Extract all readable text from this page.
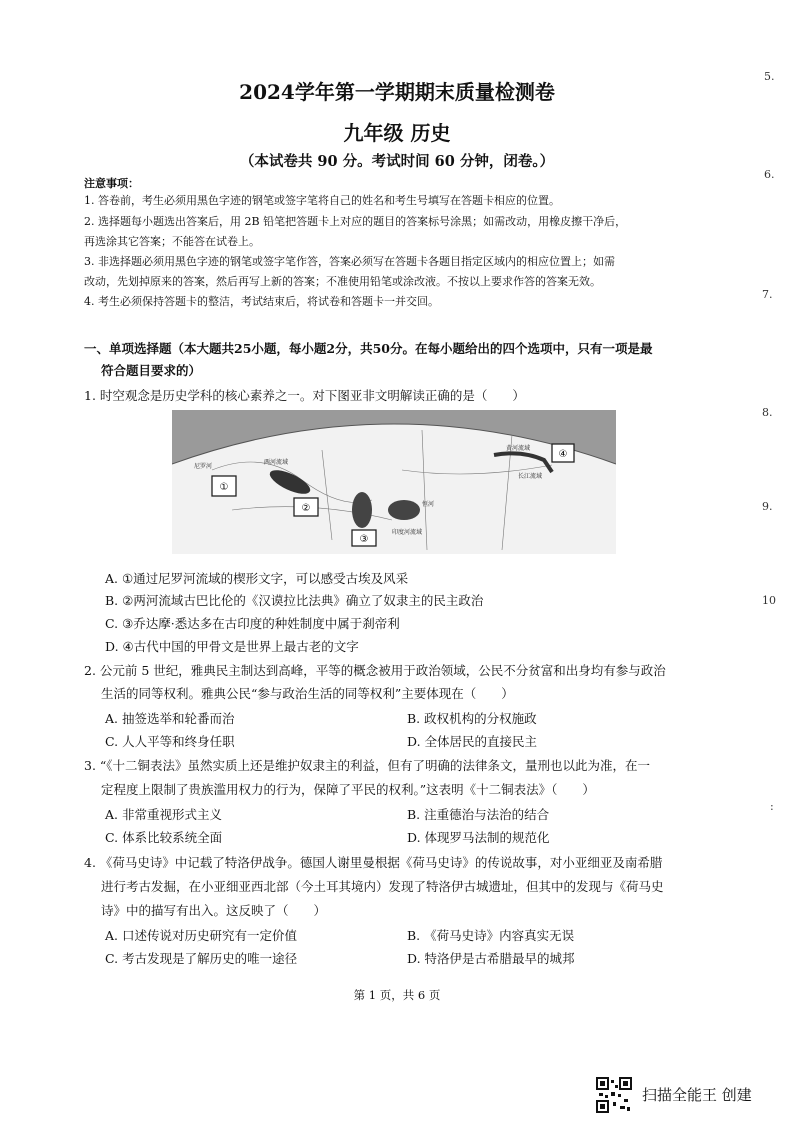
2024学年第一学期期末质量检测卷
九年级 历史
（本试卷共 90 分。考试时间 60 分钟，闭卷。）
注意事项：
1. 答卷前，考生必须用黑色字迹的钢笔或签字笔将自己的姓名和考生号填写在答题卡相应的位置。
2. 选择题每小题选出答案后，用 2B 铅笔把答题卡上对应的题目的答案标号涂黑；如需改动，用橡皮擦干净后，
再选涂其它答案；不能答在试卷上。
3. 非选择题必须用黑色字迹的钢笔或签字笔作答，答案必须写在答题卡各题目指定区域内的相应位置上；如需
改动，先划掉原来的答案，然后再写上新的答案；不准使用铅笔或涂改液。不按以上要求作答的答案无效。
4. 考生必须保持答题卡的整洁，考试结束后，将试卷和答题卡一并交回。
一、单项选择题（本大题共25小题，每小题2分，共50分。在每小题给出的四个选项中，只有一项是最
符合题目要求的）
1. 时空观念是历史学科的核心素养之一。对下图亚非文明解读正确的是（　　）
①
②
③
④
尼罗河
两河流域
印度河流域
黄河流域
长江流域
恒河
A. ①通过尼罗河流域的楔形文字，可以感受古埃及风采
B. ②两河流域古巴比伦的《汉谟拉比法典》确立了奴隶主的民主政治
C. ③乔达摩·悉达多在古印度的种姓制度中属于刹帝利
D. ④古代中国的甲骨文是世界上最古老的文字
2. 公元前 5 世纪，雅典民主制达到高峰，平等的概念被用于政治领域，公民不分贫富和出身均有参与政治
生活的同等权利。雅典公民“参与政治生活的同等权利”主要体现在（　　）
A. 抽签选举和轮番而治	B. 政权机构的分权施政
C. 人人平等和终身任职	D. 全体居民的直接民主
3. “《十二铜表法》虽然实质上还是维护奴隶主的利益，但有了明确的法律条文，量刑也以此为准，在一
定程度上限制了贵族滥用权力的行为，保障了平民的权利。”这表明《十二铜表法》（　　）
A. 非常重视形式主义	B. 注重德治与法治的结合
C. 体系比较系统全面	D. 体现罗马法制的规范化
4. 《荷马史诗》中记载了特洛伊战争。德国人谢里曼根据《荷马史诗》的传说故事，对小亚细亚及南希腊
进行考古发掘，在小亚细亚西北部（今土耳其境内）发现了特洛伊古城遗址，但其中的发现与《荷马史
诗》中的描写有出入。这反映了（　　）
A. 口述传说对历史研究有一定价值	B. 《荷马史诗》内容真实无误
C. 考古发现是了解历史的唯一途径	D. 特洛伊是古希腊最早的城邦
5.
6.
7.
8.
9.
10
:
第 1 页，共 6 页
扫描全能王 创建
